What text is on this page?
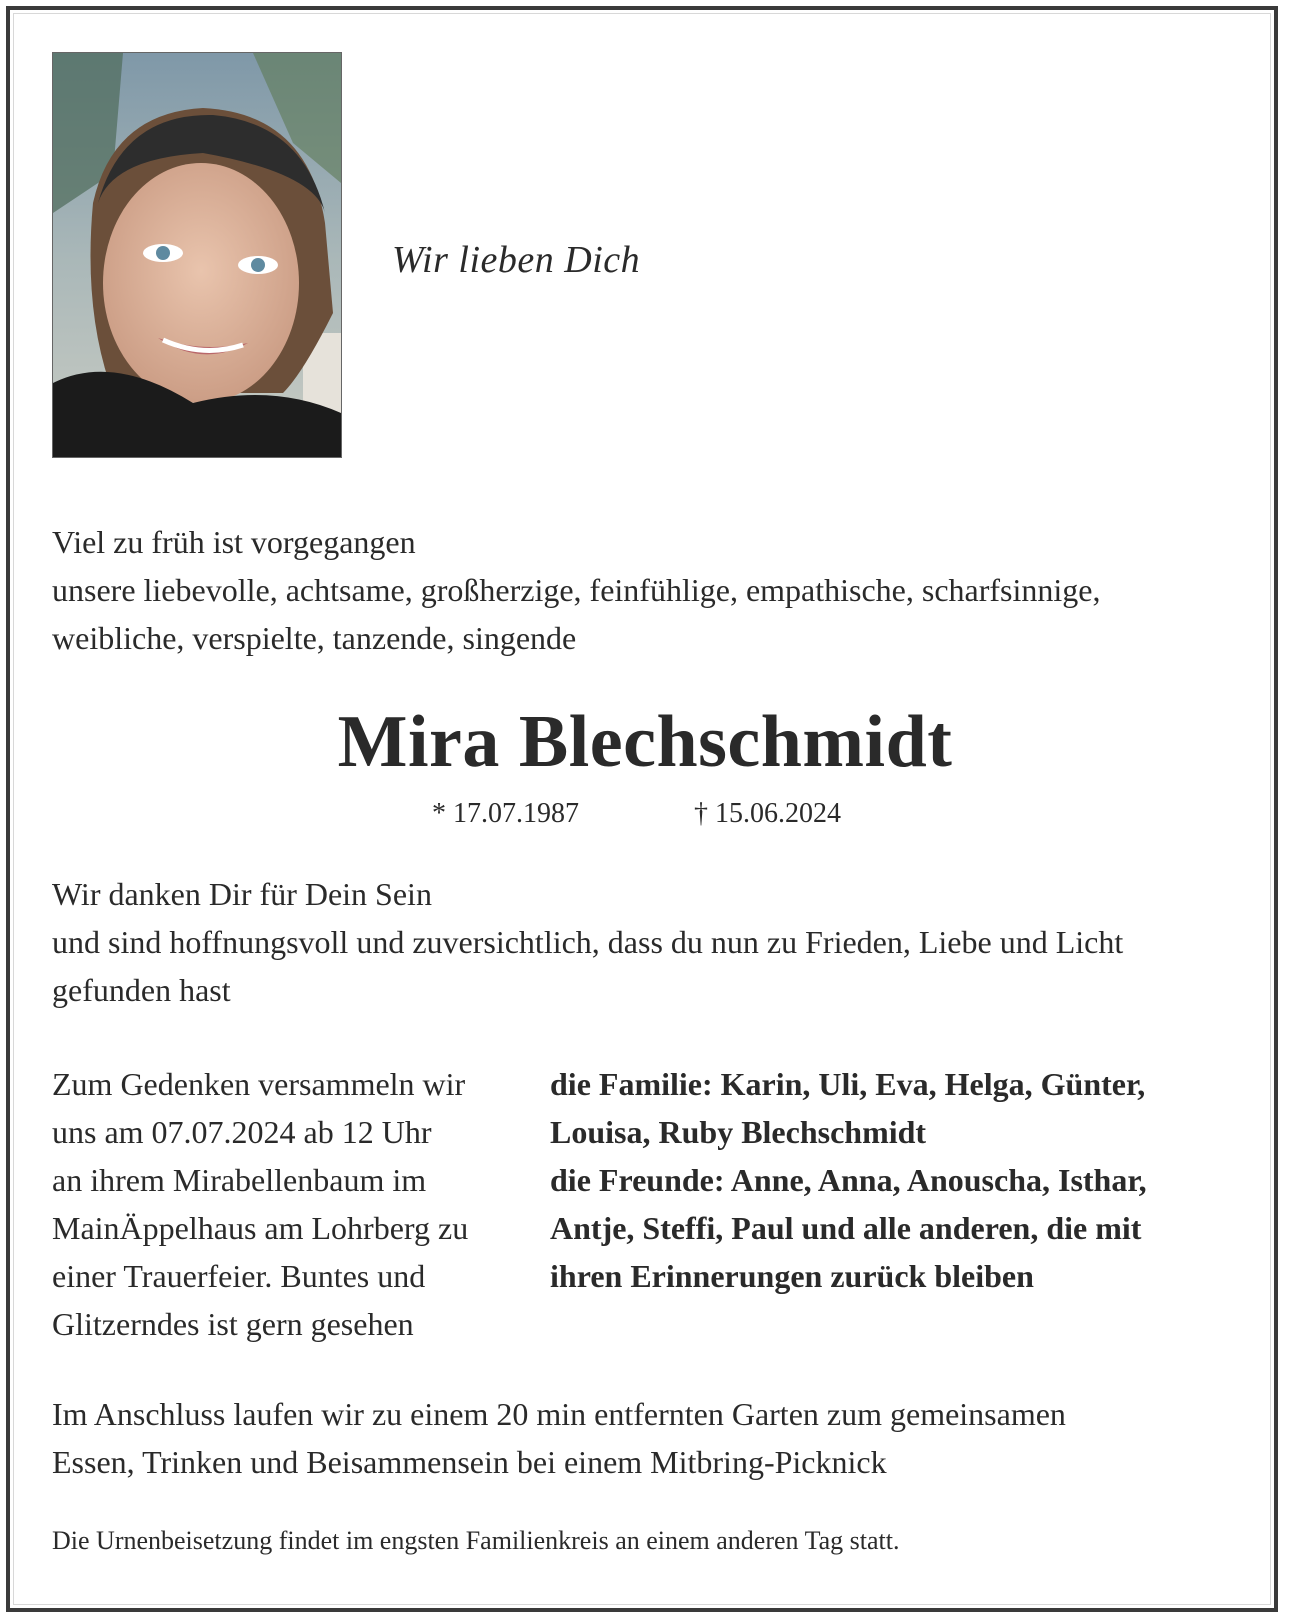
Wir lieben Dich
Viel zu früh ist vorgegangen
unsere liebevolle, achtsame, großherzige, feinfühlige, empathische, scharfsinnige,
weibliche, verspielte, tanzende, singende
Mira Blechschmidt
* 17.07.1987	† 15.06.2024
Wir danken Dir für Dein Sein
und sind hoffnungsvoll und zuversichtlich, dass du nun zu Frieden, Liebe und Licht
gefunden hast
Zum Gedenken versammeln wir
uns am 07.07.2024 ab 12 Uhr
an ihrem Mirabellenbaum im
MainÄppelhaus am Lohrberg zu
einer Trauerfeier. Buntes und
Glitzerndes ist gern gesehen
die Familie: Karin, Uli, Eva, Helga, Günter,
Louisa, Ruby Blechschmidt
die Freunde: Anne, Anna, Anouscha, Isthar,
Antje, Steffi, Paul und alle anderen, die mit
ihren Erinnerungen zurück bleiben
Im Anschluss laufen wir zu einem 20 min entfernten Garten zum gemeinsamen
Essen, Trinken und Beisammensein bei einem Mitbring-Picknick
Die Urnenbeisetzung findet im engsten Familienkreis an einem anderen Tag statt.
